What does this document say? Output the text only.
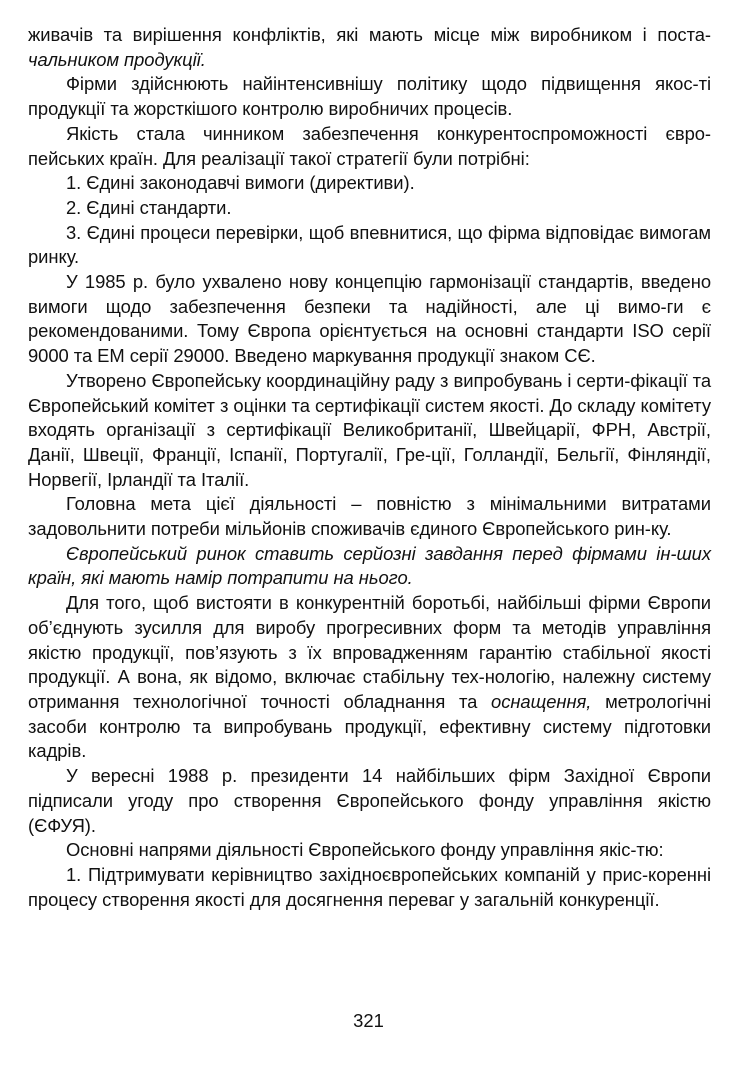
живачів та вирішення конфліктів, які мають місце між виробником і поста-чальником продукції.

Фірми здійснюють найінтенсивнішу політику щодо підвищення якос-ті продукції та жорсткішого контролю виробничих процесів.

Якість стала чинником забезпечення конкурентоспроможності євро-пейських країн. Для реалізації такої стратегії були потрібні:

1. Єдині законодавчі вимоги (директиви).

2. Єдині стандарти.

3. Єдині процеси перевірки, щоб впевнитися, що фірма відповідає вимогам ринку.

У 1985 р. було ухвалено нову концепцію гармонізації стандартів, введено вимоги щодо забезпечення безпеки та надійності, але ці вимо-ги є рекомендованими. Тому Європа орієнтується на основні стандарти ISO серії 9000 та ЕМ серії 29000. Введено маркування продукції знаком СЄ.

Утворено Європейську координаційну раду з випробувань і серти-фікації та Європейський комітет з оцінки та сертифікації систем якості. До складу комітету входять організації з сертифікації Великобританії, Швейцарії, ФРН, Австрії, Данії, Швеції, Франції, Іспанії, Португалії, Гре-ції, Голландії, Бельгії, Фінляндії, Норвегії, Ірландії та Італії.

Головна мета цієї діяльності – повністю з мінімальними витратами задовольнити потреби мільйонів споживачів єдиного Європейського рин-ку.

Європейський ринок ставить серйозні завдання перед фірмами ін-ших країн, які мають намір потрапити на нього.

Для того, щоб вистояти в конкурентній боротьбі, найбільші фірми Європи об’єднують зусилля для виробу прогресивних форм та методів управління якістю продукції, пов’язують з їх впровадженням гарантію стабільної якості продукції. А вона, як відомо, включає стабільну тех-нологію, належну систему отримання технологічної точності обладнання та оснащення, метрологічні засоби контролю та випробувань продукції, ефективну систему підготовки кадрів.

У вересні 1988 р. президенти 14 найбільших фірм Західної Європи підписали угоду про створення Європейського фонду управління якістю (ЄФУЯ).

Основні напрями діяльності Європейського фонду управління якіс-тю:

1. Підтримувати керівництво західноєвропейських компаній у прис-коренні процесу створення якості для досягнення переваг у загальній конкуренції.

321
